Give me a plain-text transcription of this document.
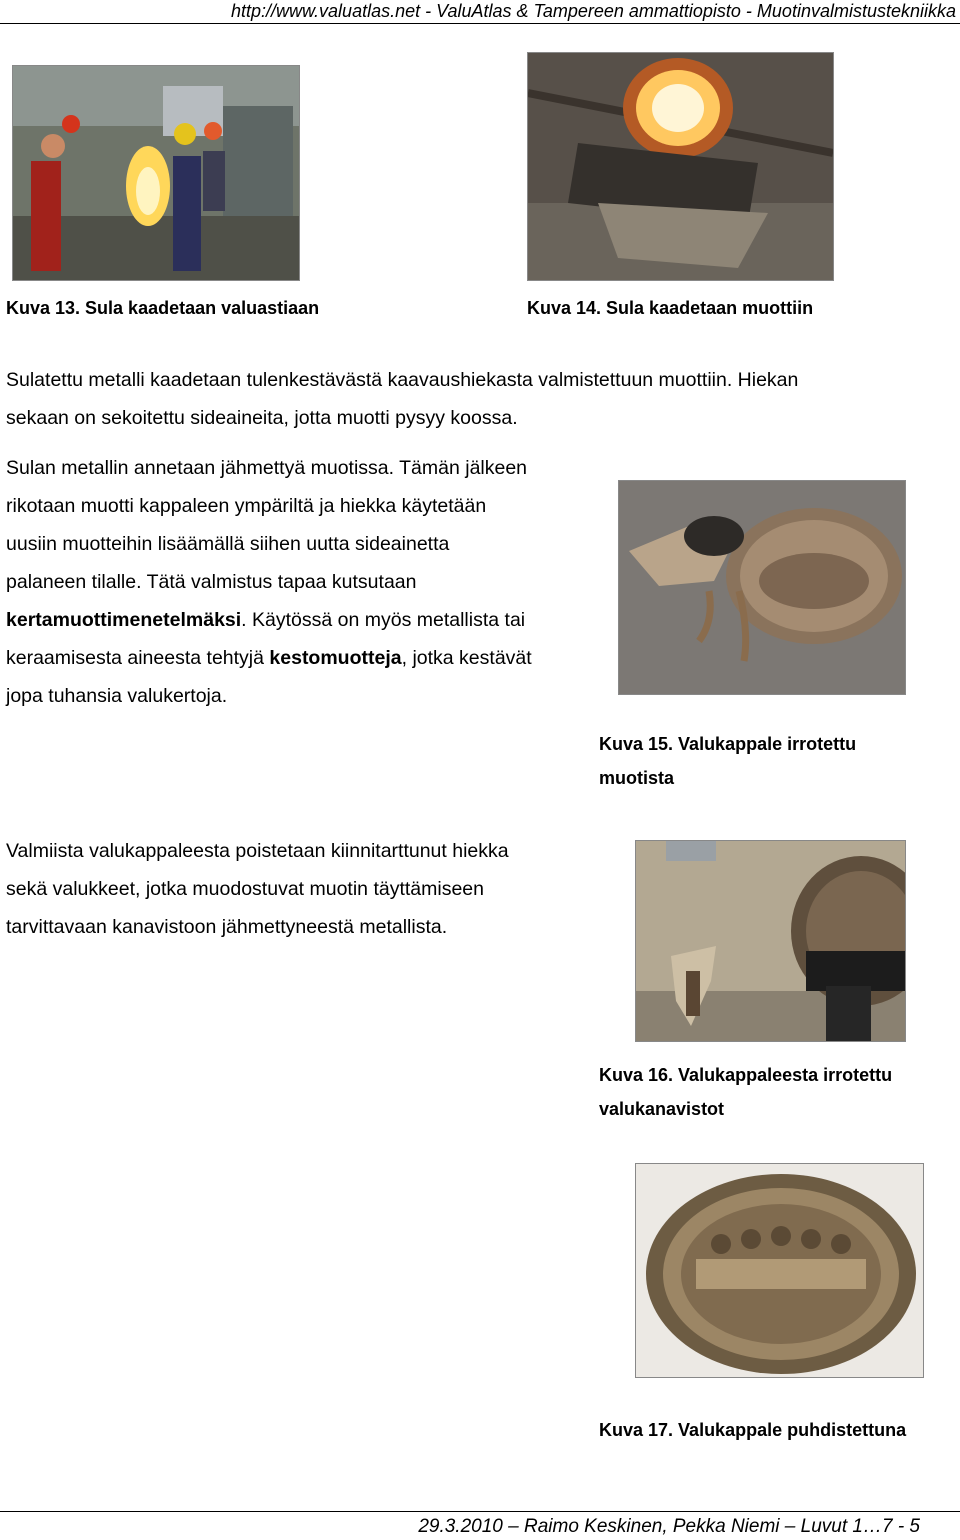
http://www.valuatlas.net - ValuAtlas & Tampereen ammattiopisto - Muotinvalmistustekniikka
Kuva 13. Sula kaadetaan valuastiaan	Kuva 14. Sula kaadetaan muottiin
Sulatettu metalli kaadetaan tulenkestävästä kaavaushiekasta valmistettuun muottiin. Hiekan
sekaan on sekoitettu sideaineita, jotta muotti pysyy koossa.
Sulan metallin annetaan jähmettyä muotissa. Tämän jälkeen
rikotaan muotti kappaleen ympäriltä ja hiekka käytetään
uusiin muotteihin lisäämällä siihen uutta sideainetta
palaneen tilalle. Tätä valmistus tapaa kutsutaan
kertamuottimenetelmäksi. Käytössä on myös metallista tai
keraamisesta aineesta tehtyjä kestomuotteja, jotka kestävät
jopa tuhansia valukertoja.
Kuva 15. Valukappale irrotettu
muotista
Valmiista valukappaleesta poistetaan kiinnitarttunut hiekka
sekä valukkeet, jotka muodostuvat muotin täyttämiseen
tarvittavaan kanavistoon jähmettyneestä metallista.
Kuva 16. Valukappaleesta irrotettu
valukanavistot
Kuva 17. Valukappale puhdistettuna
29.3.2010 – Raimo Keskinen, Pekka Niemi – Luvut 1…7 - 5
